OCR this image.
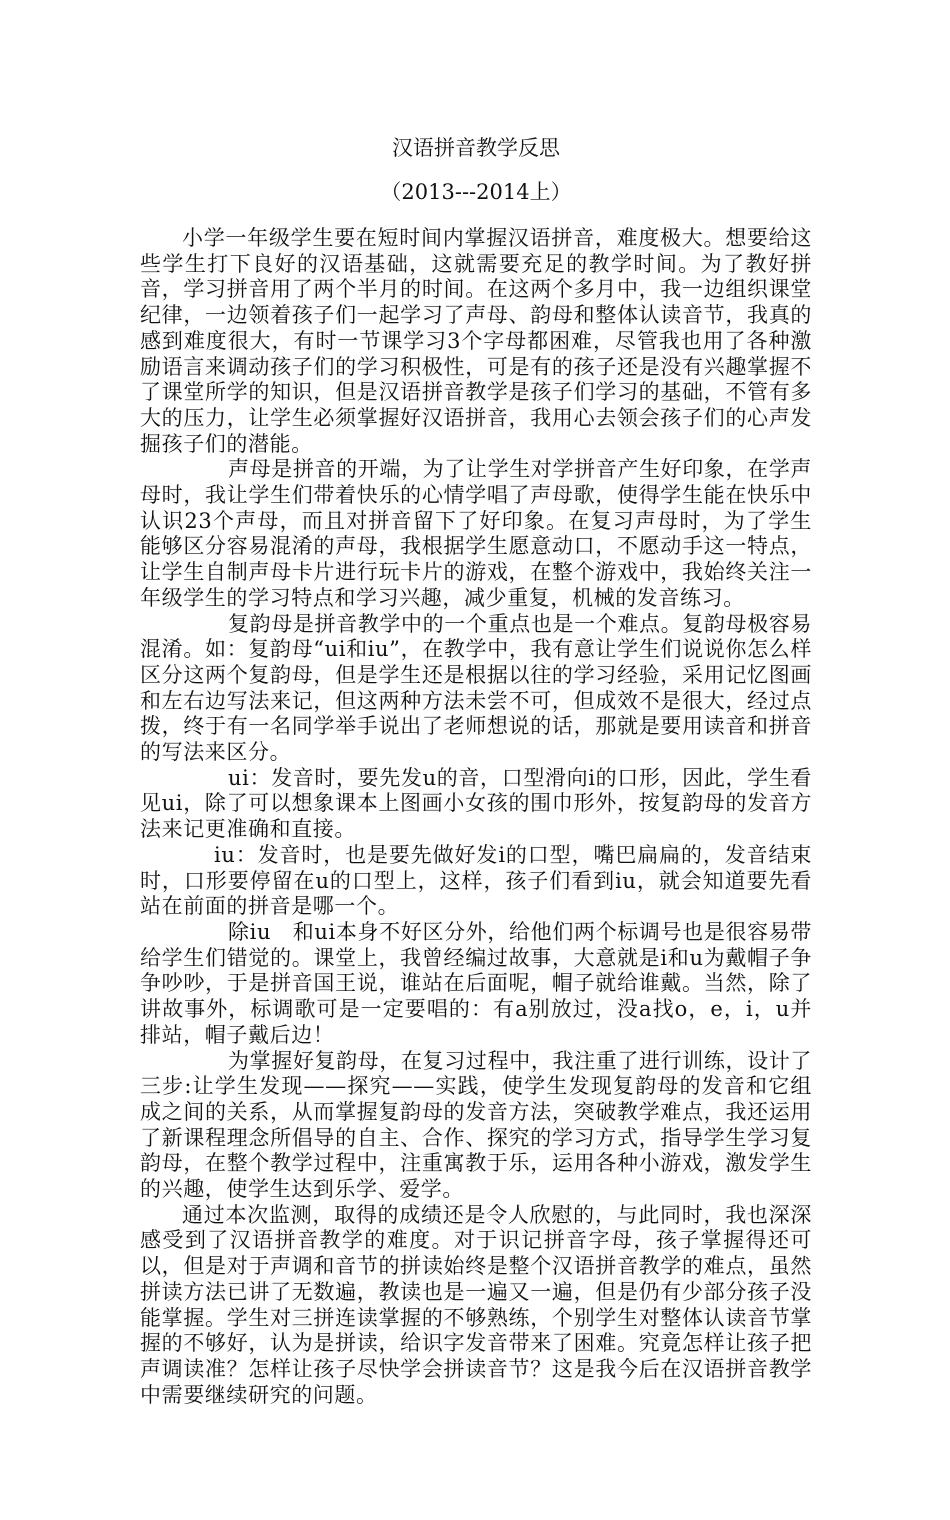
汉语拼音教学反思
（2013---2014上）

小学一年级学生要在短时间内掌握汉语拼音，难度极大。想要给这些学生打下良好的汉语基础，这就需要充足的教学时间。为了教好拼音，学习拼音用了两个半月的时间。在这两个多月中，我一边组织课堂纪律，一边领着孩子们一起学习了声母、韵母和整体认读音节，我真的感到难度很大，有时一节课学习3个字母都困难，尽管我也用了各种激励语言来调动孩子们的学习积极性，可是有的孩子还是没有兴趣掌握不了课堂所学的知识，但是汉语拼音教学是孩子们学习的基础，不管有多大的压力，让学生必须掌握好汉语拼音，我用心去领会孩子们的心声发掘孩子们的潜能。

声母是拼音的开端，为了让学生对学拼音产生好印象，在学声母时，我让学生们带着快乐的心情学唱了声母歌，使得学生能在快乐中认识23个声母，而且对拼音留下了好印象。在复习声母时，为了学生能够区分容易混淆的声母，我根据学生愿意动口，不愿动手这一特点，让学生自制声母卡片进行玩卡片的游戏，在整个游戏中，我始终关注一年级学生的学习特点和学习兴趣，减少重复，机械的发音练习。

复韵母是拼音教学中的一个重点也是一个难点。复韵母极容易混淆。如：复韵母“ui和iu”，在教学中，我有意让学生们说说你怎么样区分这两个复韵母，但是学生还是根据以往的学习经验，采用记忆图画和左右边写法来记，但这两种方法未尝不可，但成效不是很大，经过点拨，终于有一名同学举手说出了老师想说的话，那就是要用读音和拼音的写法来区分。

ui：发音时，要先发u的音，口型滑向i的口形，因此，学生看见ui，除了可以想象课本上图画小女孩的围巾形外，按复韵母的发音方法来记更准确和直接。

iu：发音时，也是要先做好发i的口型，嘴巴扁扁的，发音结束时，口形要停留在u的口型上，这样，孩子们看到iu，就会知道要先看站在前面的拼音是哪一个。

除iu　和ui本身不好区分外，给他们两个标调号也是很容易带给学生们错觉的。课堂上，我曾经编过故事，大意就是i和u为戴帽子争争吵吵，于是拼音国王说，谁站在后面呢，帽子就给谁戴。当然，除了讲故事外，标调歌可是一定要唱的：有a别放过，没a找o，e，i，u并排站，帽子戴后边！

为掌握好复韵母，在复习过程中，我注重了进行训练，设计了三步:让学生发现——探究——实践，使学生发现复韵母的发音和它组成之间的关系，从而掌握复韵母的发音方法，突破教学难点，我还运用了新课程理念所倡导的自主、合作、探究的学习方式，指导学生学习复韵母，在整个教学过程中，注重寓教于乐，运用各种小游戏，激发学生的兴趣，使学生达到乐学、爱学。

通过本次监测，取得的成绩还是令人欣慰的，与此同时，我也深深感受到了汉语拼音教学的难度。对于识记拼音字母，孩子掌握得还可以，但是对于声调和音节的拼读始终是整个汉语拼音教学的难点，虽然拼读方法已讲了无数遍，教读也是一遍又一遍，但是仍有少部分孩子没能掌握。学生对三拼连读掌握的不够熟练，个别学生对整体认读音节掌握的不够好，认为是拼读，给识字发音带来了困难。究竟怎样让孩子把声调读准？怎样让孩子尽快学会拼读音节？这是我今后在汉语拼音教学中需要继续研究的问题。
